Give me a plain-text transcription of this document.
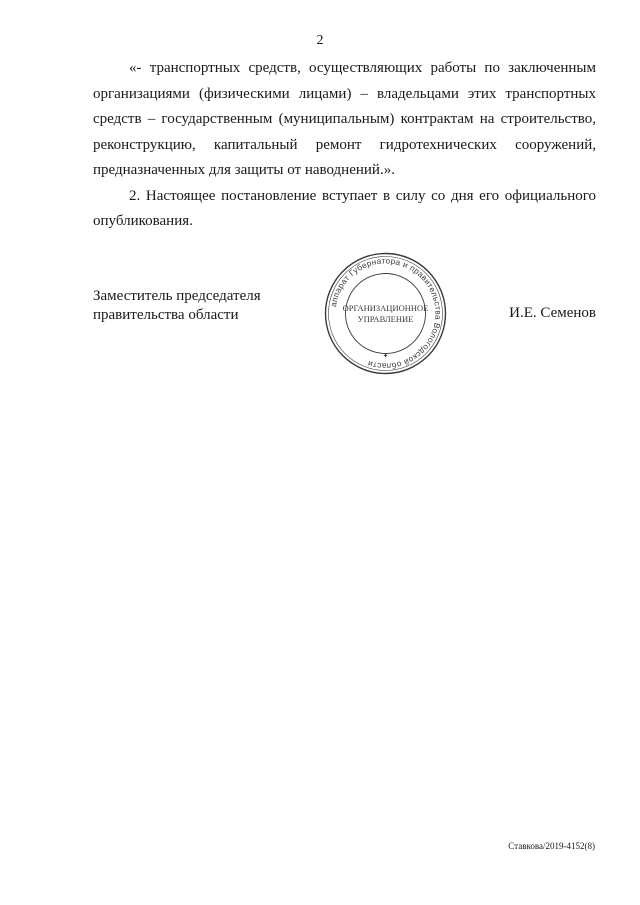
2

«- транспортных средств, осуществляющих работы по заключенным организациями (физическими лицами) – владельцами этих транспортных средств – государственным (муниципальным) контрактам на строительство, реконструкцию, капитальный ремонт гидротехнических сооружений, предназначенных для защиты от наводнений.».

2. Настоящее постановление вступает в силу со дня его официального опубликования.

Заместитель председателя
правительства области	И.Е. Семенов
аппарат Губернатора и правительства Вологодской области
ОРГАНИЗАЦИОННОЕ
УПРАВЛЕНИЕ
✦
Ставкова/2019-4152(8)
